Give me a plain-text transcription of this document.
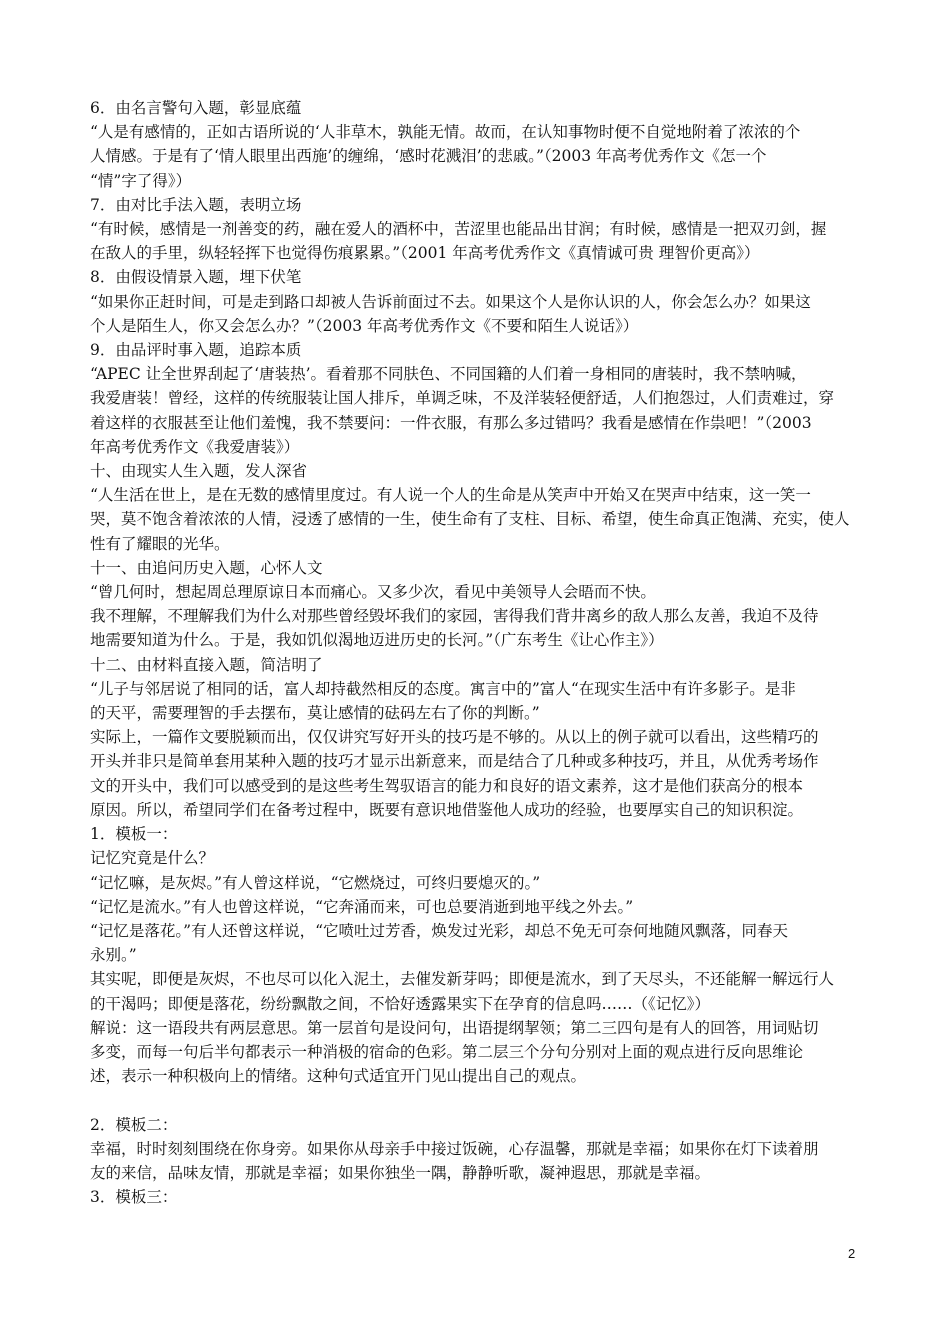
6．由名言警句入题，彰显底蕴
“人是有感情的，正如古语所说的‘人非草木，孰能无情。故而，在认知事物时便不自觉地附着了浓浓的个
人情感。于是有了‘情人眼里出西施’的缠绵，‘感时花溅泪’的悲戚。”（2003 年高考优秀作文《怎一个
“情”字了得》）
7．由对比手法入题，表明立场
“有时候，感情是一剂善变的药，融在爱人的酒杯中，苦涩里也能品出甘润；有时候，感情是一把双刃剑，握
在敌人的手里，纵轻轻挥下也觉得伤痕累累。”（2001 年高考优秀作文《真情诚可贵 理智价更高》）
8．由假设情景入题，埋下伏笔
“如果你正赶时间，可是走到路口却被人告诉前面过不去。如果这个人是你认识的人，你会怎么办？如果这
个人是陌生人，你又会怎么办？”（2003 年高考优秀作文《不要和陌生人说话》）
9．由品评时事入题，追踪本质
“APEC 让全世界刮起了‘唐装热’。看着那不同肤色、不同国籍的人们着一身相同的唐装时，我不禁呐喊，
我爱唐装！曾经，这样的传统服装让国人排斥，单调乏味，不及洋装轻便舒适，人们抱怨过，人们责难过，穿
着这样的衣服甚至让他们羞愧，我不禁要问：一件衣服，有那么多过错吗？我看是感情在作祟吧！”（2003
年高考优秀作文《我爱唐装》）
十、由现实人生入题，发人深省
“人生活在世上，是在无数的感情里度过。有人说一个人的生命是从笑声中开始又在哭声中结束，这一笑一
哭，莫不饱含着浓浓的人情，浸透了感情的一生，使生命有了支柱、目标、希望，使生命真正饱满、充实，使人
性有了耀眼的光华。
十一、由追问历史入题，心怀人文
“曾几何时，想起周总理原谅日本而痛心。又多少次，看见中美领导人会晤而不快。
我不理解，不理解我们为什么对那些曾经毁坏我们的家园，害得我们背井离乡的敌人那么友善，我迫不及待
地需要知道为什么。于是，我如饥似渴地迈进历史的长河。”（广东考生《让心作主》）
十二、由材料直接入题，简洁明了
“儿子与邻居说了相同的话，富人却持截然相反的态度。寓言中的”富人“在现实生活中有许多影子。是非
的天平，需要理智的手去摆布，莫让感情的砝码左右了你的判断。”
实际上，一篇作文要脱颖而出，仅仅讲究写好开头的技巧是不够的。从以上的例子就可以看出，这些精巧的
开头并非只是简单套用某种入题的技巧才显示出新意来，而是结合了几种或多种技巧，并且，从优秀考场作
文的开头中，我们可以感受到的是这些考生驾驭语言的能力和良好的语文素养，这才是他们获高分的根本
原因。所以，希望同学们在备考过程中，既要有意识地借鉴他人成功的经验，也要厚实自己的知识积淀。
1．模板一：
记忆究竟是什么？
“记忆嘛，是灰烬。”有人曾这样说，“它燃烧过，可终归要熄灭的。”
“记忆是流水。”有人也曾这样说，“它奔涌而来，可也总要消逝到地平线之外去。”
“记忆是落花。”有人还曾这样说，“它喷吐过芳香，焕发过光彩，却总不免无可奈何地随风飘落，同春天
永别。”
其实呢，即便是灰烬，不也尽可以化入泥土，去催发新芽吗；即便是流水，到了天尽头，不还能解一解远行人
的干渴吗；即便是落花，纷纷飘散之间，不恰好透露果实下在孕育的信息吗……（《记忆》）
解说：这一语段共有两层意思。第一层首句是设问句，出语提纲挈领；第二三四句是有人的回答，用词贴切
多变，而每一句后半句都表示一种消极的宿命的色彩。第二层三个分句分别对上面的观点进行反向思维论
述，表示一种积极向上的情绪。这种句式适宜开门见山提出自己的观点。
2．模板二：
幸福，时时刻刻围绕在你身旁。如果你从母亲手中接过饭碗，心存温馨，那就是幸福；如果你在灯下读着朋
友的来信，品味友情，那就是幸福；如果你独坐一隅，静静听歌，凝神遐思，那就是幸福。
3．模板三：
2
